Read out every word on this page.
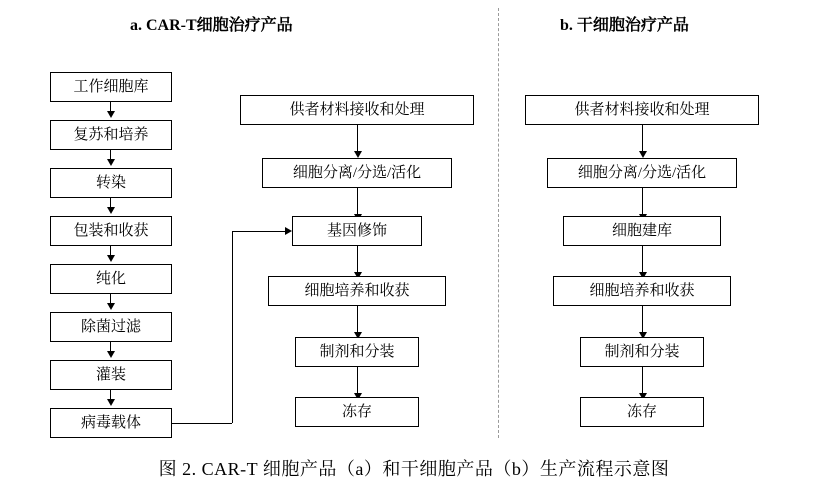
a. CAR-T细胞治疗产品	b. 干细胞治疗产品
工作细胞库
复苏和培养
转染
包装和收获
纯化
除菌过滤
灌装
病毒载体
供者材料接收和处理
细胞分离/分选/活化
基因修饰
细胞培养和收获
制剂和分装
冻存
供者材料接收和处理
细胞分离/分选/活化
细胞建库
细胞培养和收获
制剂和分装
冻存
图 2. CAR-T 细胞产品（a）和干细胞产品（b）生产流程示意图
